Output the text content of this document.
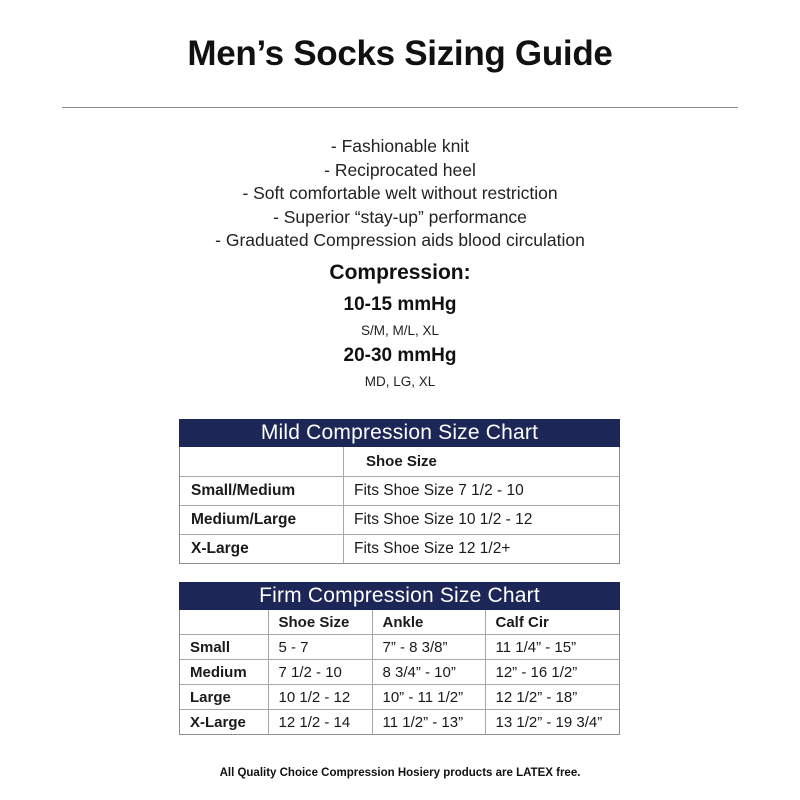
Men’s Socks Sizing Guide
- Fashionable knit
- Reciprocated heel
- Soft comfortable welt without restriction
- Superior “stay-up” performance
- Graduated Compression aids blood circulation
Compression:
10-15 mmHg
S/M, M/L, XL
20-30 mmHg
MD, LG, XL
Mild Compression Size Chart
	Shoe Size
Small/Medium	Fits Shoe Size 7 1/2 - 10
Medium/Large	Fits Shoe Size 10 1/2 - 12
X-Large	Fits Shoe Size 12 1/2+
Firm Compression Size Chart
	Shoe Size	Ankle	Calf Cir
Small	5 - 7	7” - 8 3/8”	11 1/4” - 15”
Medium	7 1/2 - 10	8 3/4” - 10”	12” - 16 1/2”
Large	10 1/2 - 12	10” - 11 1/2”	12 1/2” - 18”
X-Large	12 1/2 - 14	11 1/2” - 13”	13 1/2” - 19 3/4”
All Quality Choice Compression Hosiery products are LATEX free.
